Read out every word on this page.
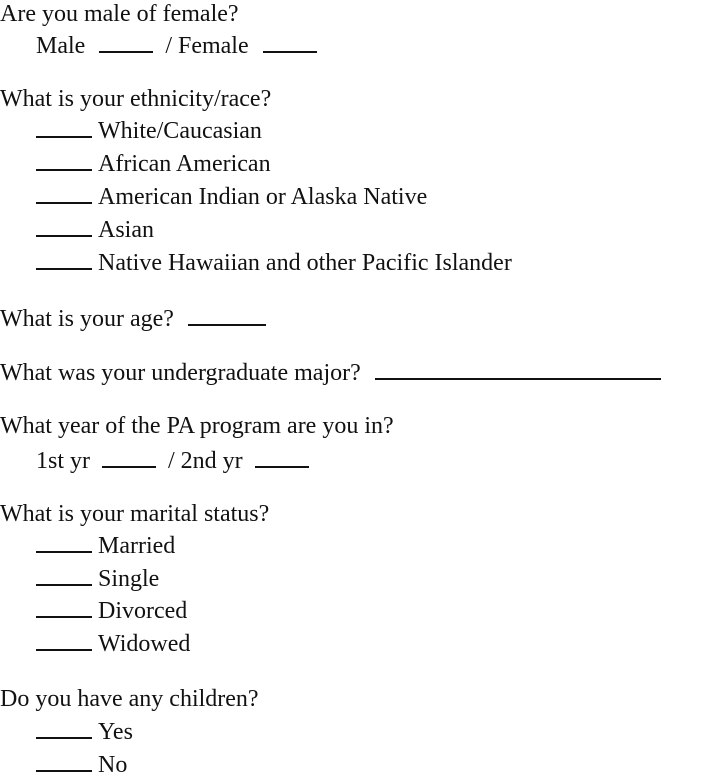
Are you male of female?
Male	/ Female
What is your ethnicity/race?
White/Caucasian
African American
American Indian or Alaska Native
Asian
Native Hawaiian and other Pacific Islander
What is your age?
What was your undergraduate major?
What year of the PA program are you in?
1st yr	/ 2nd yr
What is your marital status?
Married
Single
Divorced
Widowed
Do you have any children?
Yes
No
